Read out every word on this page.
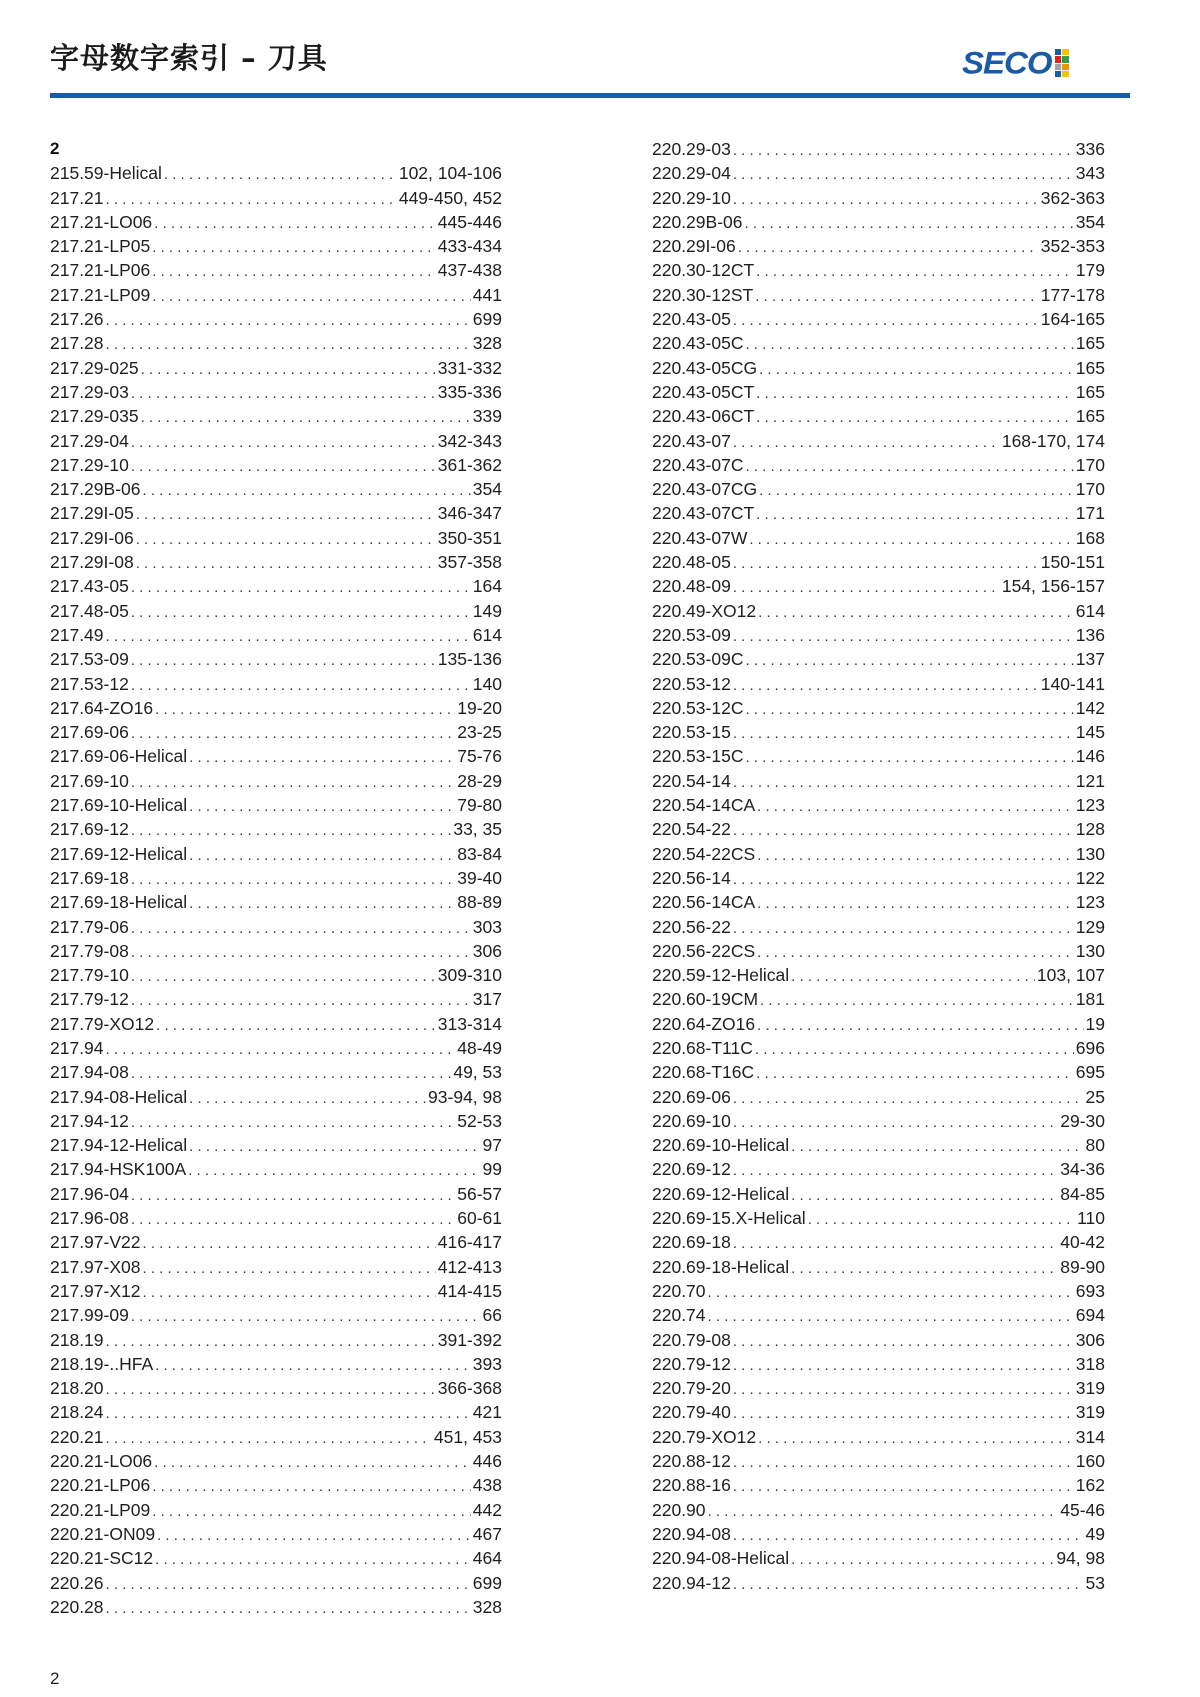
字母数字索引 – 刀具	SECO
2
215.59-Helical . . .	102, 104-106
217.21 . . .	449-450, 452
217.21-LO06 . . .	445-446
217.21-LP05 . . .	433-434
217.21-LP06 . . .	437-438
217.21-LP09 . . .	441
217.26 . . .	699
217.28 . . .	328
217.29-025 . . .	331-332
217.29-03 . . .	335-336
217.29-035 . . .	339
217.29-04 . . .	342-343
217.29-10 . . .	361-362
217.29B-06 . . .	354
217.29I-05 . . .	346-347
217.29I-06 . . .	350-351
217.29I-08 . . .	357-358
217.43-05 . . .	164
217.48-05 . . .	149
217.49 . . .	614
217.53-09 . . .	135-136
217.53-12 . . .	140
217.64-ZO16 . . .	19-20
217.69-06 . . .	23-25
217.69-06-Helical . . .	75-76
217.69-10 . . .	28-29
217.69-10-Helical . . .	79-80
217.69-12 . . .	33, 35
217.69-12-Helical . . .	83-84
217.69-18 . . .	39-40
217.69-18-Helical . . .	88-89
217.79-06 . . .	303
217.79-08 . . .	306
217.79-10 . . .	309-310
217.79-12 . . .	317
217.79-XO12 . . .	313-314
217.94 . . .	48-49
217.94-08 . . .	49, 53
217.94-08-Helical . . .	93-94, 98
217.94-12 . . .	52-53
217.94-12-Helical . . .	97
217.94-HSK100A . . .	99
217.96-04 . . .	56-57
217.96-08 . . .	60-61
217.97-V22 . . .	416-417
217.97-X08 . . .	412-413
217.97-X12 . . .	414-415
217.99-09 . . .	66
218.19 . . .	391-392
218.19-..HFA . . .	393
218.20 . . .	366-368
218.24 . . .	421
220.21 . . .	451, 453
220.21-LO06 . . .	446
220.21-LP06 . . .	438
220.21-LP09 . . .	442
220.21-ON09 . . .	467
220.21-SC12 . . .	464
220.26 . . .	699
220.28 . . .	328
220.29-03 . . .	336
220.29-04 . . .	343
220.29-10 . . .	362-363
220.29B-06 . . .	354
220.29I-06 . . .	352-353
220.30-12CT . . .	179
220.30-12ST . . .	177-178
220.43-05 . . .	164-165
220.43-05C . . .	165
220.43-05CG . . .	165
220.43-05CT . . .	165
220.43-06CT . . .	165
220.43-07 . . .	168-170, 174
220.43-07C . . .	170
220.43-07CG . . .	170
220.43-07CT . . .	171
220.43-07W . . .	168
220.48-05 . . .	150-151
220.48-09 . . .	154, 156-157
220.49-XO12 . . .	614
220.53-09 . . .	136
220.53-09C . . .	137
220.53-12 . . .	140-141
220.53-12C . . .	142
220.53-15 . . .	145
220.53-15C . . .	146
220.54-14 . . .	121
220.54-14CA . . .	123
220.54-22 . . .	128
220.54-22CS . . .	130
220.56-14 . . .	122
220.56-14CA . . .	123
220.56-22 . . .	129
220.56-22CS . . .	130
220.59-12-Helical . . .	103, 107
220.60-19CM . . .	181
220.64-ZO16 . . .	19
220.68-T11C . . .	696
220.68-T16C . . .	695
220.69-06 . . .	25
220.69-10 . . .	29-30
220.69-10-Helical . . .	80
220.69-12 . . .	34-36
220.69-12-Helical . . .	84-85
220.69-15.X-Helical . . .	110
220.69-18 . . .	40-42
220.69-18-Helical . . .	89-90
220.70 . . .	693
220.74 . . .	694
220.79-08 . . .	306
220.79-12 . . .	318
220.79-20 . . .	319
220.79-40 . . .	319
220.79-XO12 . . .	314
220.88-12 . . .	160
220.88-16 . . .	162
220.90 . . .	45-46
220.94-08 . . .	49
220.94-08-Helical . . .	94, 98
220.94-12 . . .	53
2
